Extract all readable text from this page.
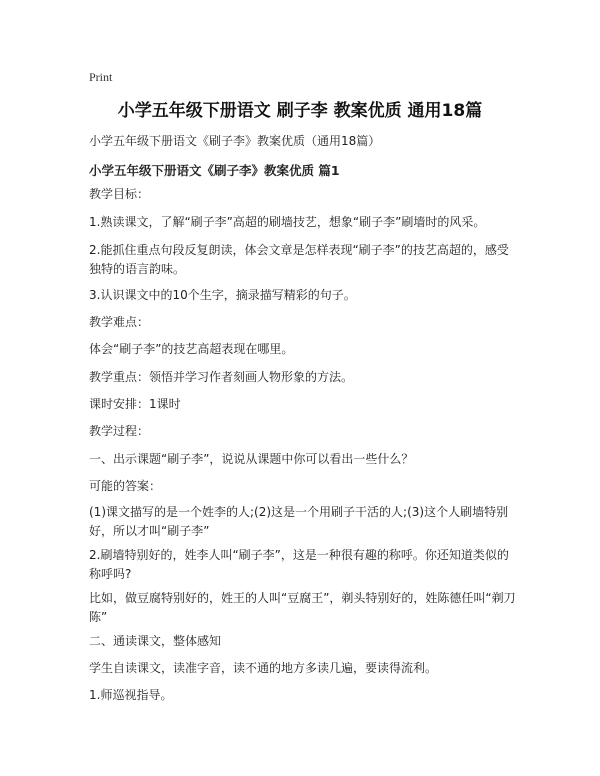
Print

小学五年级下册语文 刷子李 教案优质 通用18篇

小学五年级下册语文《刷子李》教案优质（通用18篇）

小学五年级下册语文《刷子李》教案优质 篇1

教学目标：

1.熟读课文，了解“刷子李”高超的刷墙技艺，想象“刷子李”刷墙时的风采。

2.能抓住重点句段反复朗读，体会文章是怎样表现“刷子李”的技艺高超的，感受独特的语言韵味。

3.认识课文中的10个生字，摘录描写精彩的句子。

教学难点：

体会“刷子李”的技艺高超表现在哪里。

教学重点：领悟并学习作者刻画人物形象的方法。

课时安排：1课时

教学过程：

一、出示课题“刷子李”，说说从课题中你可以看出一些什么？

可能的答案：

(1)课文描写的是一个姓李的人;(2)这是一个用刷子干活的人;(3)这个人刷墙特别好，所以才叫“刷子李”

2.刷墙特别好的，姓李人叫“刷子李”，这是一种很有趣的称呼。你还知道类似的称呼吗?

比如，做豆腐特别好的，姓王的人叫“豆腐王”，剃头特别好的，姓陈德任叫“剃刀陈”

二、通读课文，整体感知

学生自读课文，读准字音，读不通的地方多读几遍，要读得流利。

1.师巡视指导。
